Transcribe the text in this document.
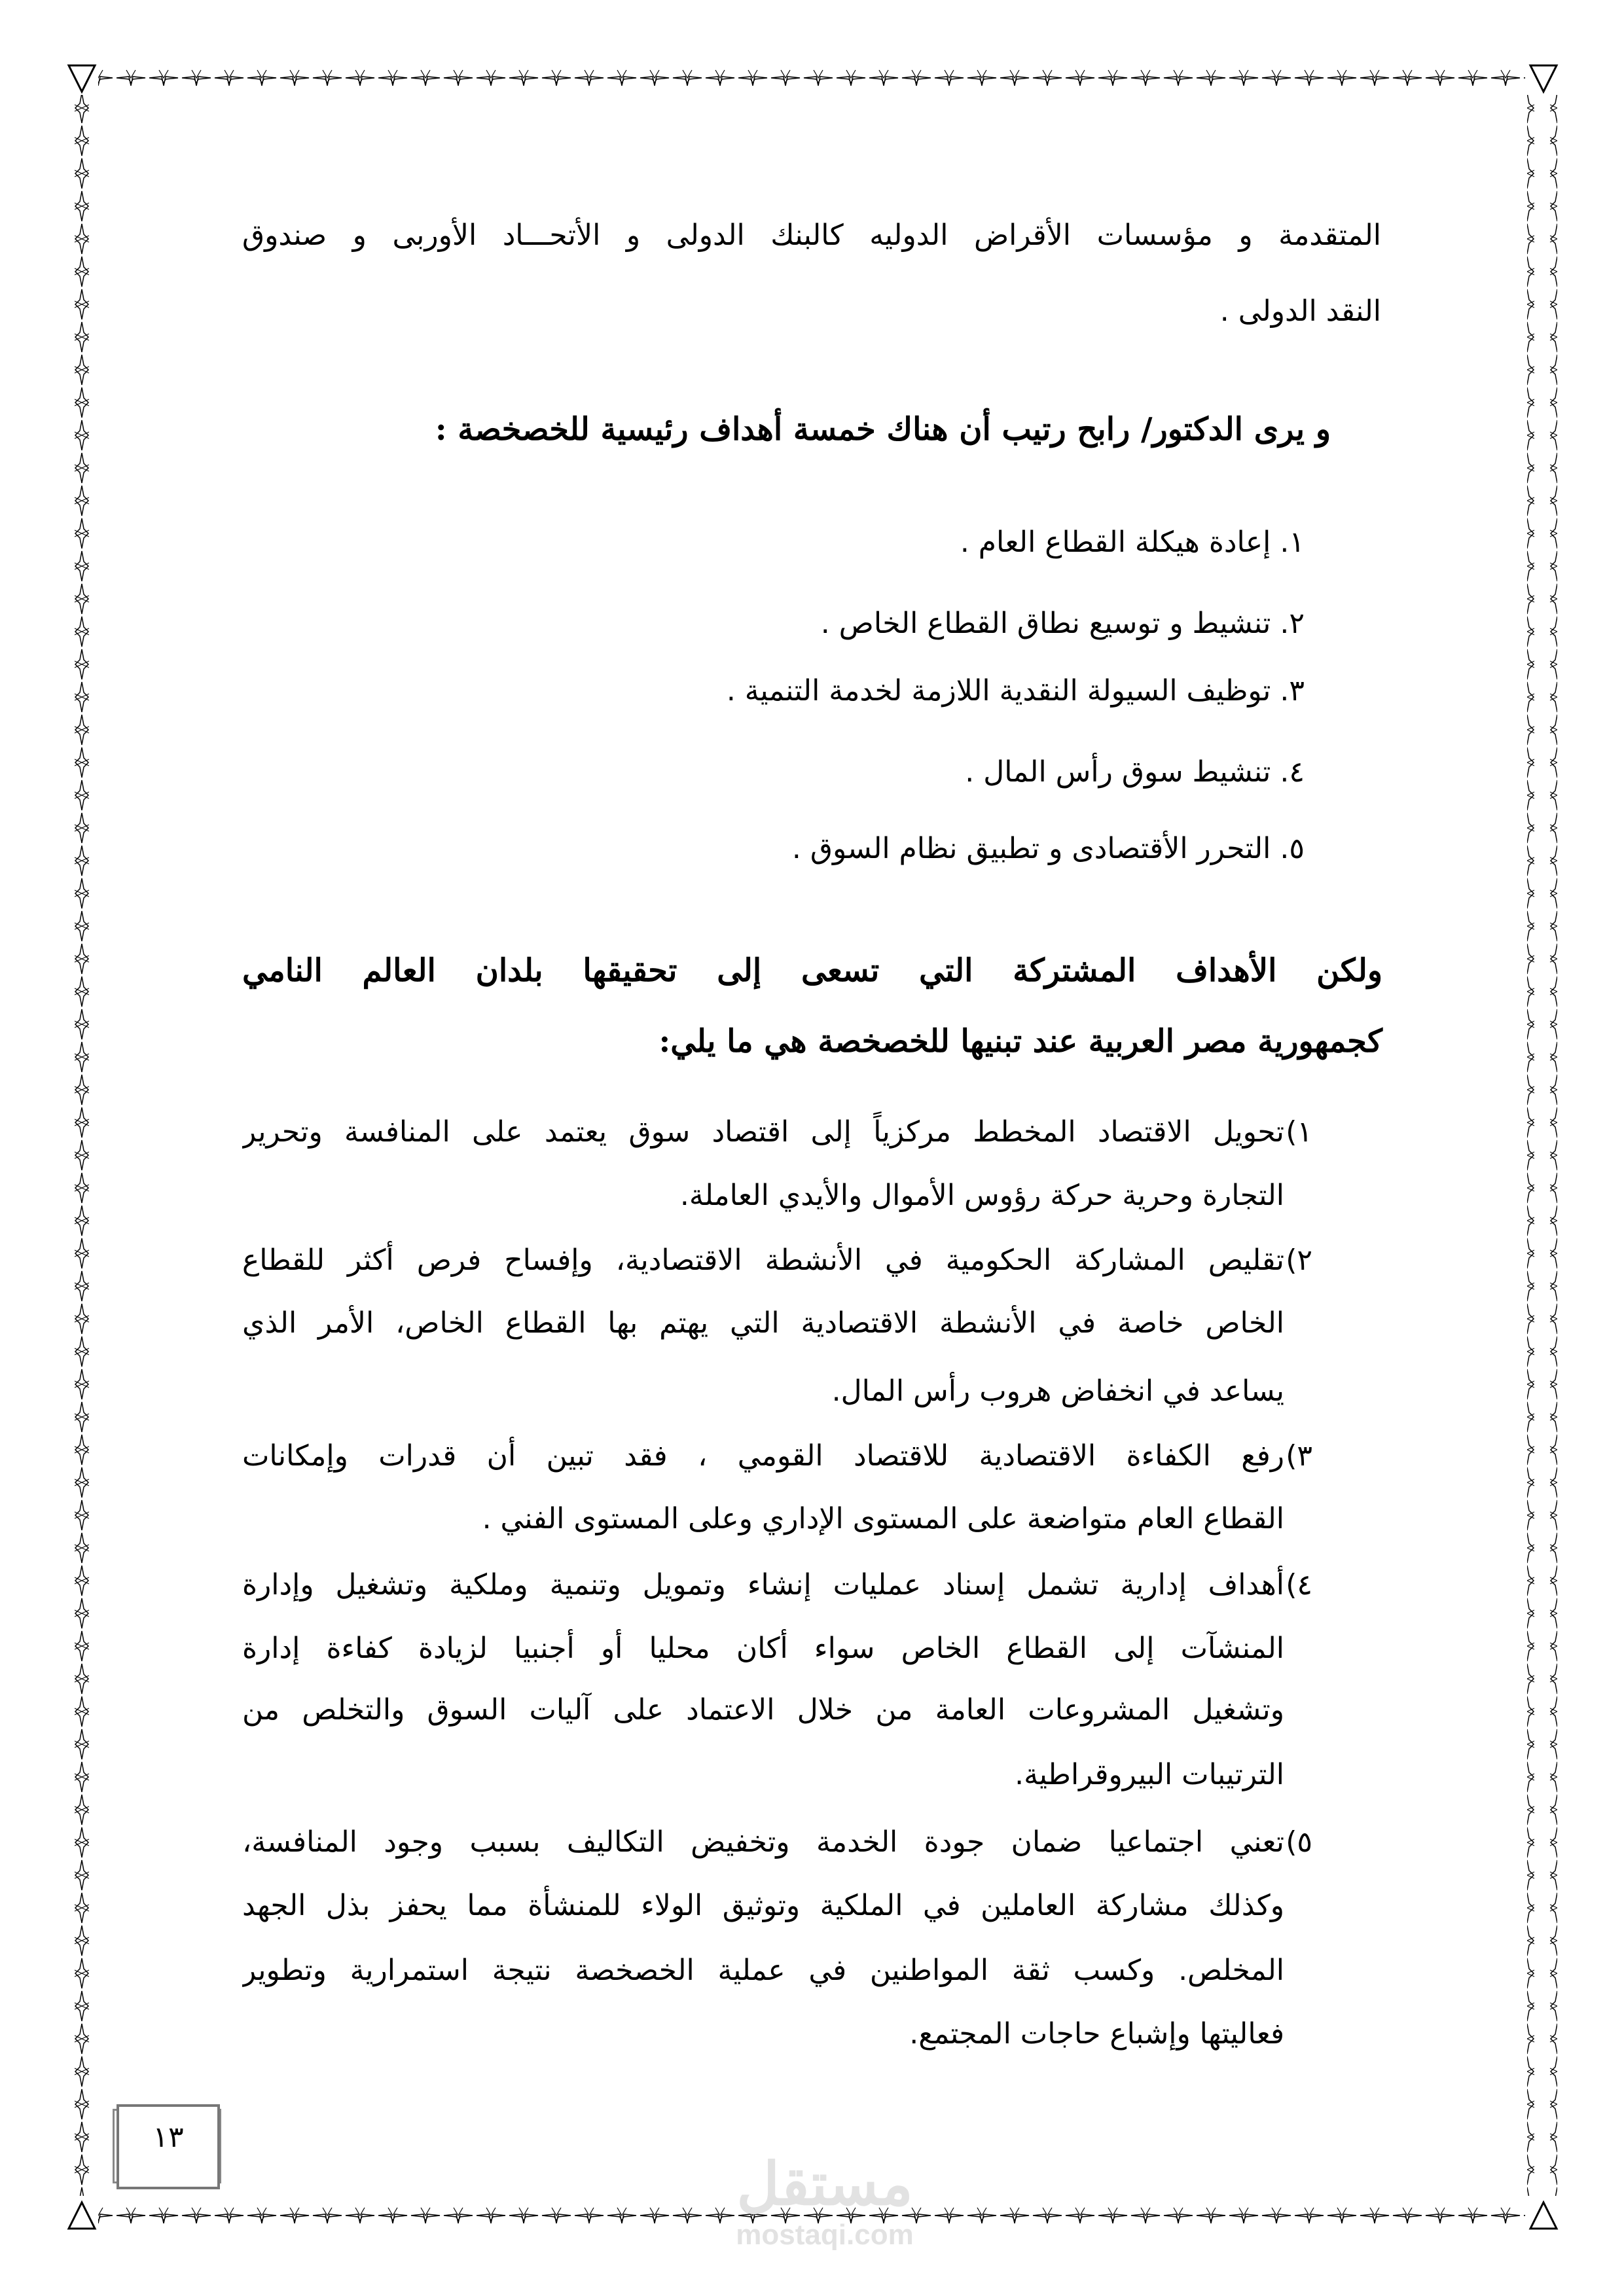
المتقدمة و مؤسسات الأقراض الدوليه كالبنك الدولى و الأتحـــاد الأوربى و صندوق
النقد الدولى .
و يرى الدكتور/ رابح رتيب أن هناك خمسة أهداف رئيسية للخصخصة :
١. إعادة هيكلة القطاع العام .
٢. تنشيط و توسيع نطاق القطاع الخاص .
٣. توظيف السيولة النقدية اللازمة لخدمة التنمية .
٤. تنشيط سوق رأس المال .
٥. التحرر الأقتصادى و تطبيق نظام السوق .
ولكن الأهداف المشتركة التي تسعى إلى تحقيقها بلدان العالم النامي
كجمهورية مصر العربية عند تبنيها للخصخصة هي ما يلي:
١)
تحويل الاقتصاد المخطط مركزياً إلى اقتصاد سوق يعتمد على المنافسة وتحرير
التجارة وحرية حركة رؤوس الأموال والأيدي العاملة.
٢)
تقليص المشاركة الحكومية في الأنشطة الاقتصادية، وإفساح فرص أكثر للقطاع
الخاص خاصة في الأنشطة الاقتصادية التي يهتم بها القطاع الخاص، الأمر الذي
يساعد في انخفاض هروب رأس المال.
٣)
رفع الكفاءة الاقتصادية للاقتصاد القومي ، فقد تبين أن قدرات وإمكانات
القطاع العام متواضعة على المستوى الإداري وعلى المستوى الفني .
٤)
أهداف إدارية تشمل إسناد عمليات إنشاء وتمويل وتنمية وملكية وتشغيل وإدارة
المنشآت إلى القطاع الخاص سواء أكان محليا أو أجنبيا لزيادة كفاءة إدارة
وتشغيل المشروعات العامة من خلال الاعتماد على آليات السوق والتخلص من
الترتيبات البيروقراطية.
٥)
تعني اجتماعيا ضمان جودة الخدمة وتخفيض التكاليف بسبب وجود المنافسة،
وكذلك مشاركة العاملين في الملكية وتوثيق الولاء للمنشأة مما يحفز بذل الجهد
المخلص. وكسب ثقة المواطنين في عملية الخصخصة نتيجة استمرارية وتطوير
فعاليتها وإشباع حاجات المجتمع.
١٣
مستقل
mostaqi.com
